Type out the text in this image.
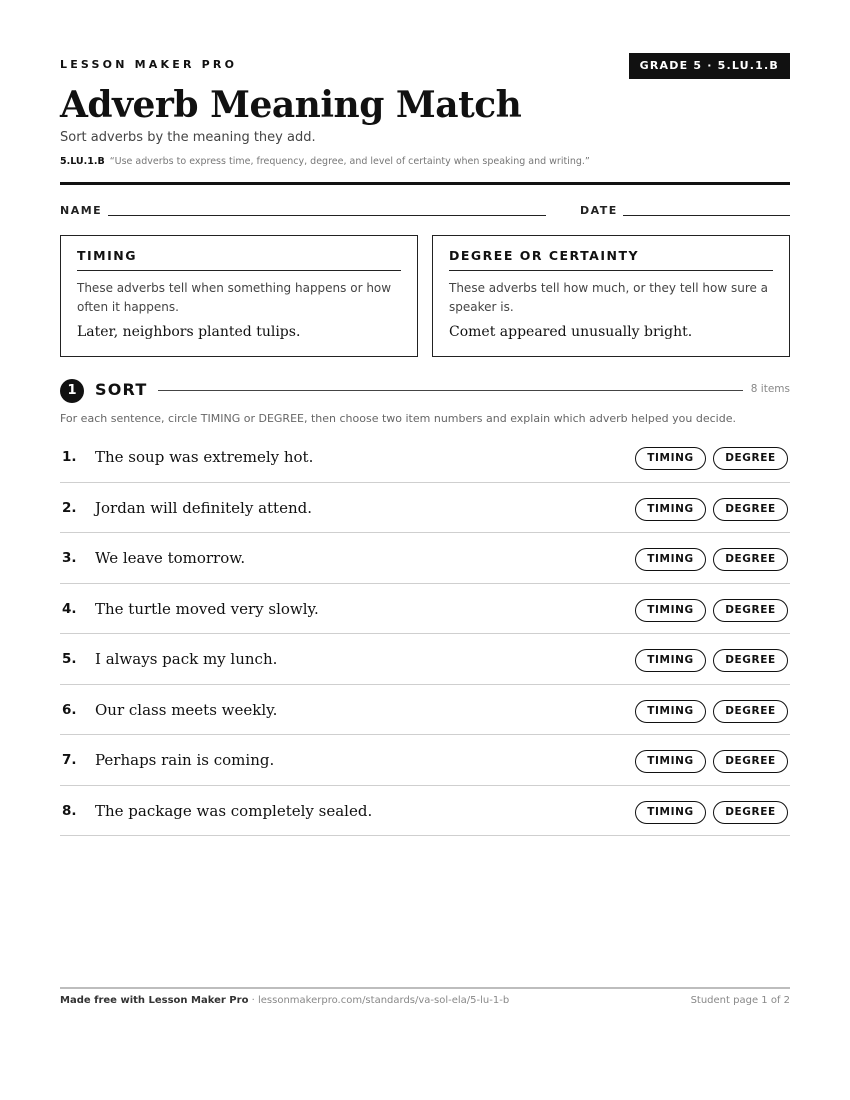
LESSON MAKER PRO	GRADE 5 · 5.LU.1.B
Adverb Meaning Match
Sort adverbs by the meaning they add.
5.LU.1.B “Use adverbs to express time, frequency, degree, and level of certainty when speaking and writing.”
NAME	DATE
TIMING
These adverbs tell when something happens or how often it happens.
Later, neighbors planted tulips.
DEGREE OR CERTAINTY
These adverbs tell how much, or they tell how sure a speaker is.
Comet appeared unusually bright.
1	SORT	8 items
For each sentence, circle TIMING or DEGREE, then choose two item numbers and explain which adverb helped you decide.
1. The soup was extremely hot.	TIMING	DEGREE
2. Jordan will definitely attend.	TIMING	DEGREE
3. We leave tomorrow.	TIMING	DEGREE
4. The turtle moved very slowly.	TIMING	DEGREE
5. I always pack my lunch.	TIMING	DEGREE
6. Our class meets weekly.	TIMING	DEGREE
7. Perhaps rain is coming.	TIMING	DEGREE
8. The package was completely sealed.	TIMING	DEGREE
Made free with Lesson Maker Pro · lessonmakerpro.com/standards/va-sol-ela/5-lu-1-b	Student page 1 of 2
